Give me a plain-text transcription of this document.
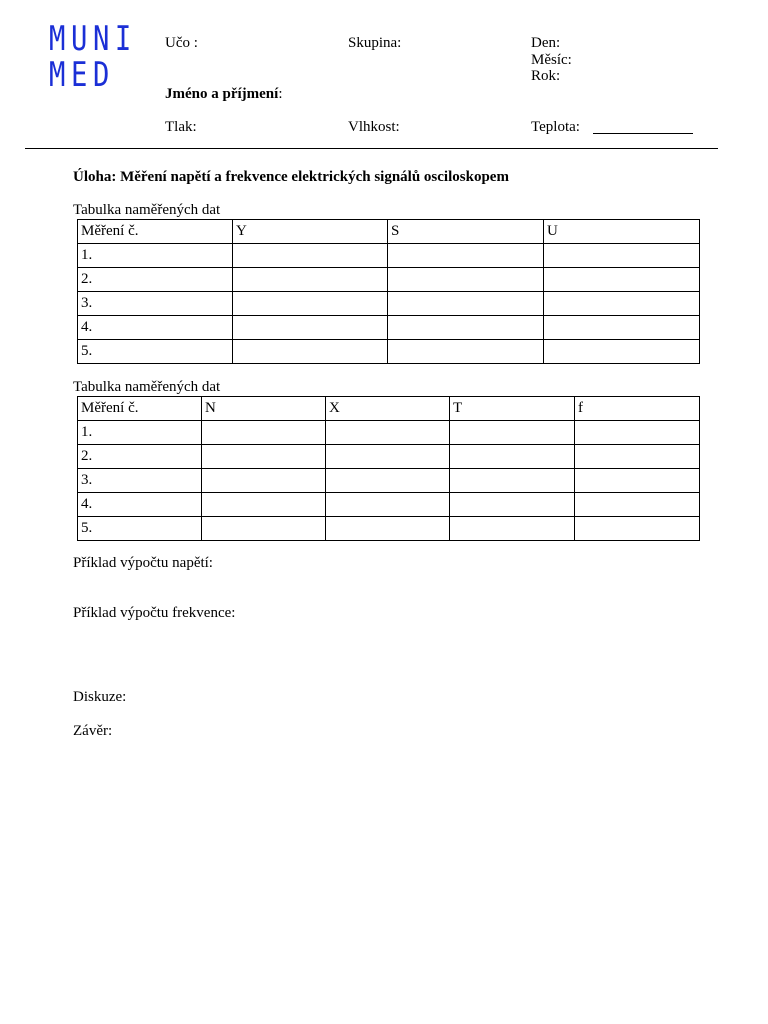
MUNI
MED
Učo :	Skupina:	Den:
Měsíc:
Rok:
Jméno a příjmení:
Tlak:	Vlhkost:	Teplota:
Úloha: Měření napětí a frekvence elektrických signálů osciloskopem
Tabulka naměřených dat
Měření č.	Y	S	U
1.			
2.			
3.			
4.			
5.			
Tabulka naměřených dat
Měření č.	N	X	T	f
1.				
2.				
3.				
4.				
5.				
Příklad výpočtu napětí:
Příklad výpočtu frekvence:
Diskuze:
Závěr:
